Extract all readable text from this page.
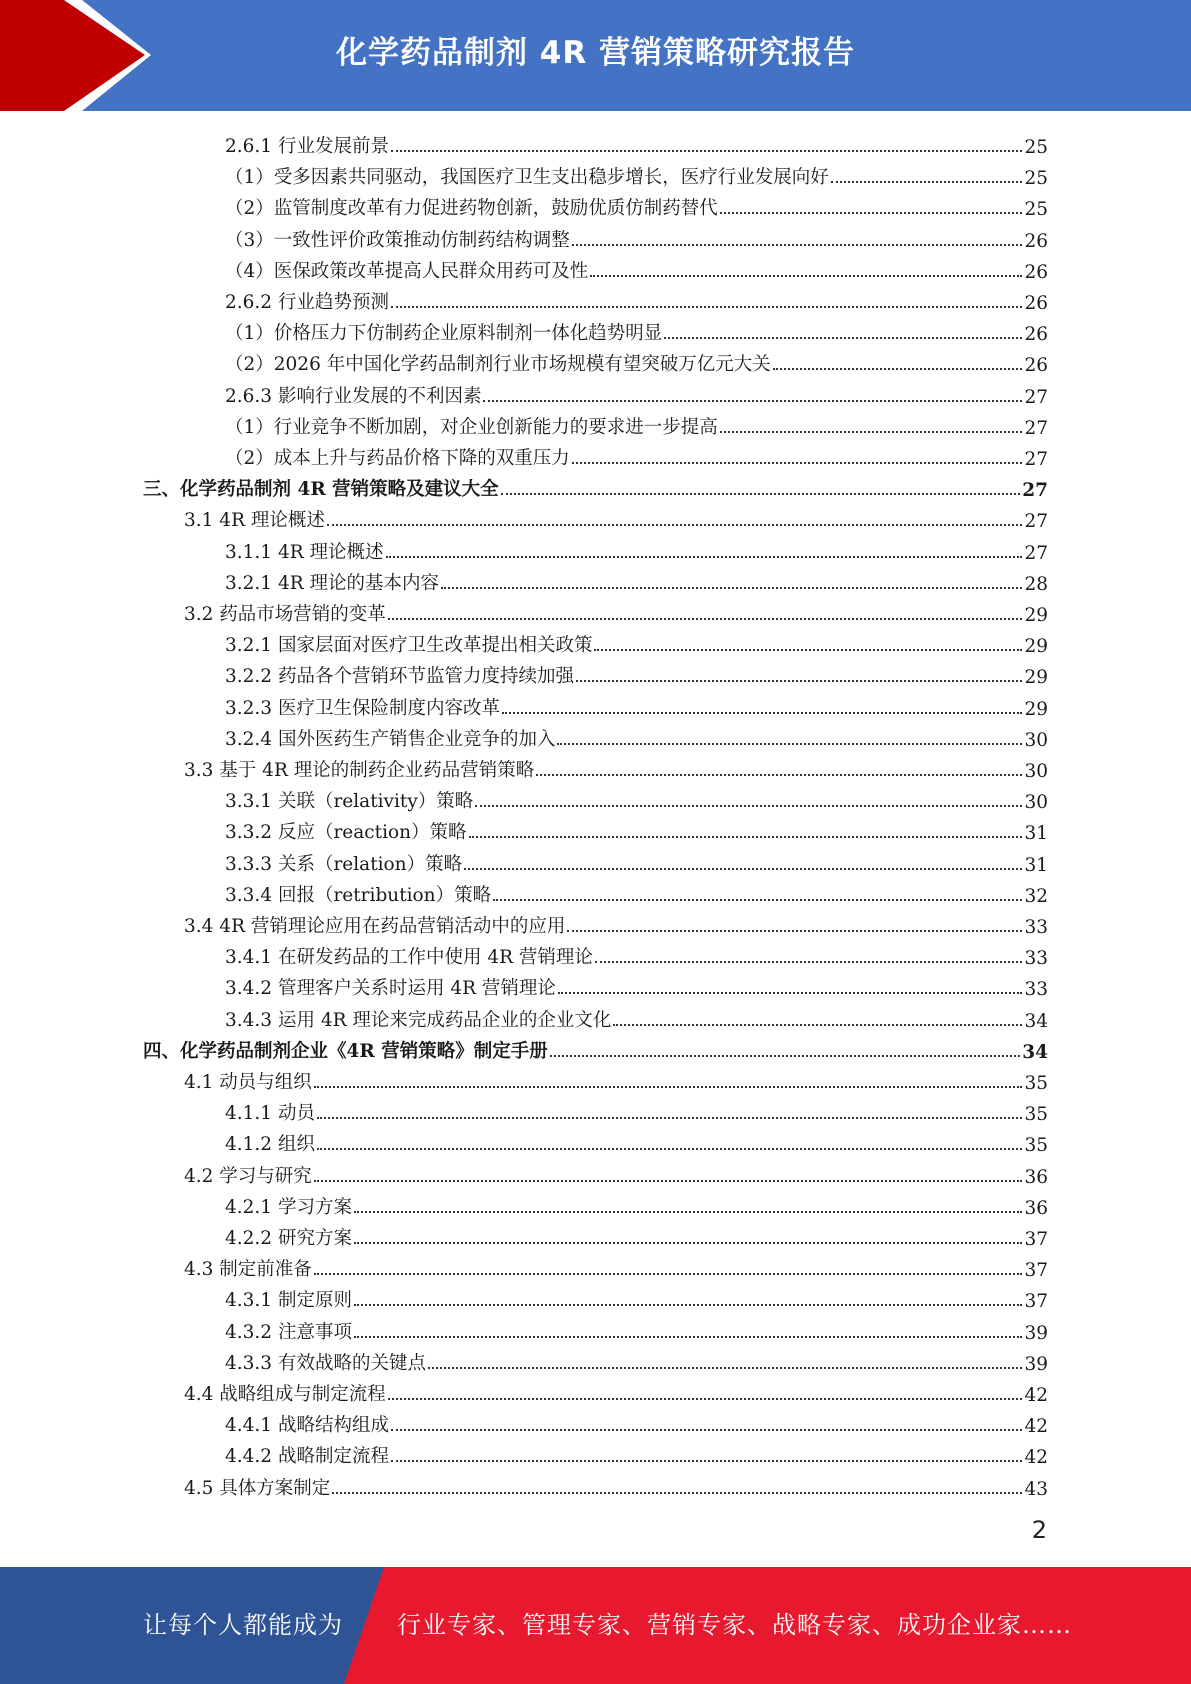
化学药品制剂 4R 营销策略研究报告
2.6.1 行业发展前景	25
（1）受多因素共同驱动，我国医疗卫生支出稳步增长，医疗行业发展向好	25
（2）监管制度改革有力促进药物创新，鼓励优质仿制药替代	25
（3）一致性评价政策推动仿制药结构调整	26
（4）医保政策改革提高人民群众用药可及性	26
2.6.2 行业趋势预测	26
（1）价格压力下仿制药企业原料制剂一体化趋势明显	26
（2）2026 年中国化学药品制剂行业市场规模有望突破万亿元大关	26
2.6.3 影响行业发展的不利因素	27
（1）行业竞争不断加剧，对企业创新能力的要求进一步提高	27
（2）成本上升与药品价格下降的双重压力	27
三、化学药品制剂 4R 营销策略及建议大全	27
3.1 4R 理论概述	27
3.1.1 4R 理论概述	27
3.2.1 4R 理论的基本内容	28
3.2 药品市场营销的变革	29
3.2.1 国家层面对医疗卫生改革提出相关政策	29
3.2.2 药品各个营销环节监管力度持续加强	29
3.2.3 医疗卫生保险制度内容改革	29
3.2.4 国外医药生产销售企业竞争的加入	30
3.3 基于 4R 理论的制药企业药品营销策略	30
3.3.1 关联（relativity）策略	30
3.3.2 反应（reaction）策略	31
3.3.3 关系（relation）策略	31
3.3.4 回报（retribution）策略	32
3.4 4R 营销理论应用在药品营销活动中的应用	33
3.4.1 在研发药品的工作中使用 4R 营销理论	33
3.4.2 管理客户关系时运用 4R 营销理论	33
3.4.3 运用 4R 理论来完成药品企业的企业文化	34
四、化学药品制剂企业《4R 营销策略》制定手册	34
4.1 动员与组织	35
4.1.1 动员	35
4.1.2 组织	35
4.2 学习与研究	36
4.2.1 学习方案	36
4.2.2 研究方案	37
4.3 制定前准备	37
4.3.1 制定原则	37
4.3.2 注意事项	39
4.3.3 有效战略的关键点	39
4.4 战略组成与制定流程	42
4.4.1 战略结构组成	42
4.4.2 战略制定流程	42
4.5 具体方案制定	43
2
让每个人都能成为 行业专家、管理专家、营销专家、战略专家、成功企业家……
